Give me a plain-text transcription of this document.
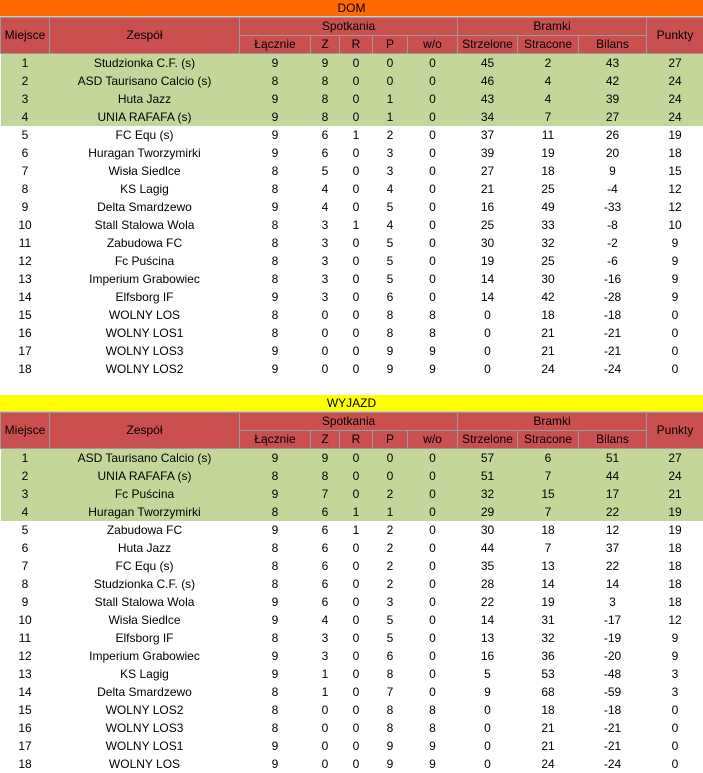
DOM
Miejsce	Zespół	Spotkania					Bramki			Punkty
		Łącznie	Z	R	P	w/o	Strzelone	Stracone	Bilans	
1	Studzionka C.F. (s)	9	9	0	0	0	45	2	43	27
2	ASD Taurisano Calcio (s)	8	8	0	0	0	46	4	42	24
3	Huta Jazz	9	8	0	1	0	43	4	39	24
4	UNIA RAFAFA (s)	9	8	0	1	0	34	7	27	24
5	FC Equ (s)	9	6	1	2	0	37	11	26	19
6	Huragan Tworzymirki	9	6	0	3	0	39	19	20	18
7	Wisła Siedlce	8	5	0	3	0	27	18	9	15
8	KS Lagig	8	4	0	4	0	21	25	-4	12
9	Delta Smardzewo	9	4	0	5	0	16	49	-33	12
10	Stall Stalowa Wola	8	3	1	4	0	25	33	-8	10
11	Zabudowa FC	8	3	0	5	0	30	32	-2	9
12	Fc Puścina	8	3	0	5	0	19	25	-6	9
13	Imperium Grabowiec	8	3	0	5	0	14	30	-16	9
14	Elfsborg IF	9	3	0	6	0	14	42	-28	9
15	WOLNY LOS	8	0	0	8	8	0	18	-18	0
16	WOLNY LOS1	8	0	0	8	8	0	21	-21	0
17	WOLNY LOS3	9	0	0	9	9	0	21	-21	0
18	WOLNY LOS2	9	0	0	9	9	0	24	-24	0
WYJAZD
Miejsce	Zespół	Spotkania					Bramki			Punkty
		Łącznie	Z	R	P	w/o	Strzelone	Stracone	Bilans	
1	ASD Taurisano Calcio (s)	9	9	0	0	0	57	6	51	27
2	UNIA RAFAFA (s)	8	8	0	0	0	51	7	44	24
3	Fc Puścina	9	7	0	2	0	32	15	17	21
4	Huragan Tworzymirki	8	6	1	1	0	29	7	22	19
5	Zabudowa FC	9	6	1	2	0	30	18	12	19
6	Huta Jazz	8	6	0	2	0	44	7	37	18
7	FC Equ (s)	8	6	0	2	0	35	13	22	18
8	Studzionka C.F. (s)	8	6	0	2	0	28	14	14	18
9	Stall Stalowa Wola	9	6	0	3	0	22	19	3	18
10	Wisła Siedlce	9	4	0	5	0	14	31	-17	12
11	Elfsborg IF	8	3	0	5	0	13	32	-19	9
12	Imperium Grabowiec	9	3	0	6	0	16	36	-20	9
13	KS Lagig	9	1	0	8	0	5	53	-48	3
14	Delta Smardzewo	8	1	0	7	0	9	68	-59	3
15	WOLNY LOS2	8	0	0	8	8	0	18	-18	0
16	WOLNY LOS3	8	0	0	8	8	0	21	-21	0
17	WOLNY LOS1	9	0	0	9	9	0	21	-21	0
18	WOLNY LOS	9	0	0	9	9	0	24	-24	0
